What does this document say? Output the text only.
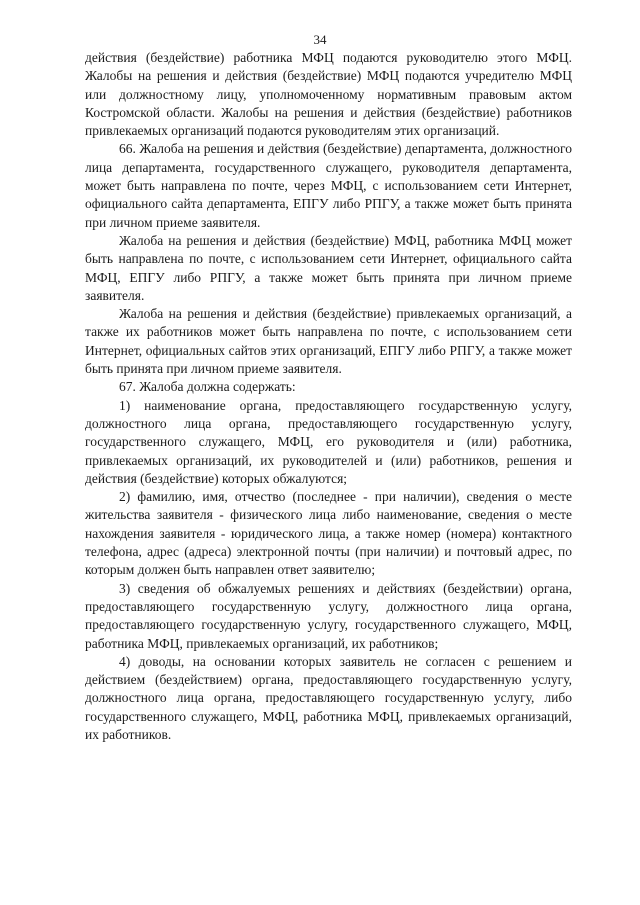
34

действия (бездействие) работника МФЦ подаются руководителю этого МФЦ. Жалобы на решения и действия (бездействие) МФЦ подаются учредителю МФЦ или должностному лицу, уполномоченному нормативным правовым актом Костромской области. Жалобы на решения и действия (бездействие) работников привлекаемых организаций подаются руководителям этих организаций.

66. Жалоба на решения и действия (бездействие) департамента, должностного лица департамента, государственного служащего, руководителя департамента, может быть направлена по почте, через МФЦ, с использованием сети Интернет, официального сайта департамента, ЕПГУ либо РПГУ, а также может быть принята при личном приеме заявителя.

Жалоба на решения и действия (бездействие) МФЦ, работника МФЦ может быть направлена по почте, с использованием сети Интернет, официального сайта МФЦ, ЕПГУ либо РПГУ, а также может быть принята при личном приеме заявителя.

Жалоба на решения и действия (бездействие) привлекаемых организаций, а также их работников может быть направлена по почте, с использованием сети Интернет, официальных сайтов этих организаций, ЕПГУ либо РПГУ, а также может быть принята при личном приеме заявителя.

67. Жалоба должна содержать:

1) наименование органа, предоставляющего государственную услугу, должностного лица органа, предоставляющего государственную услугу, государственного служащего, МФЦ, его руководителя и (или) работника, привлекаемых организаций, их руководителей и (или) работников, решения и действия (бездействие) которых обжалуются;

2) фамилию, имя, отчество (последнее - при наличии), сведения о месте жительства заявителя - физического лица либо наименование, сведения о месте нахождения заявителя - юридического лица, а также номер (номера) контактного телефона, адрес (адреса) электронной почты (при наличии) и почтовый адрес, по которым должен быть направлен ответ заявителю;

3) сведения об обжалуемых решениях и действиях (бездействии) органа, предоставляющего государственную услугу, должностного лица органа, предоставляющего государственную услугу, государственного служащего, МФЦ, работника МФЦ, привлекаемых организаций, их работников;

4) доводы, на основании которых заявитель не согласен с решением и действием (бездействием) органа, предоставляющего государственную услугу, должностного лица органа, предоставляющего государственную услугу, либо государственного служащего, МФЦ, работника МФЦ, привлекаемых организаций, их работников.
